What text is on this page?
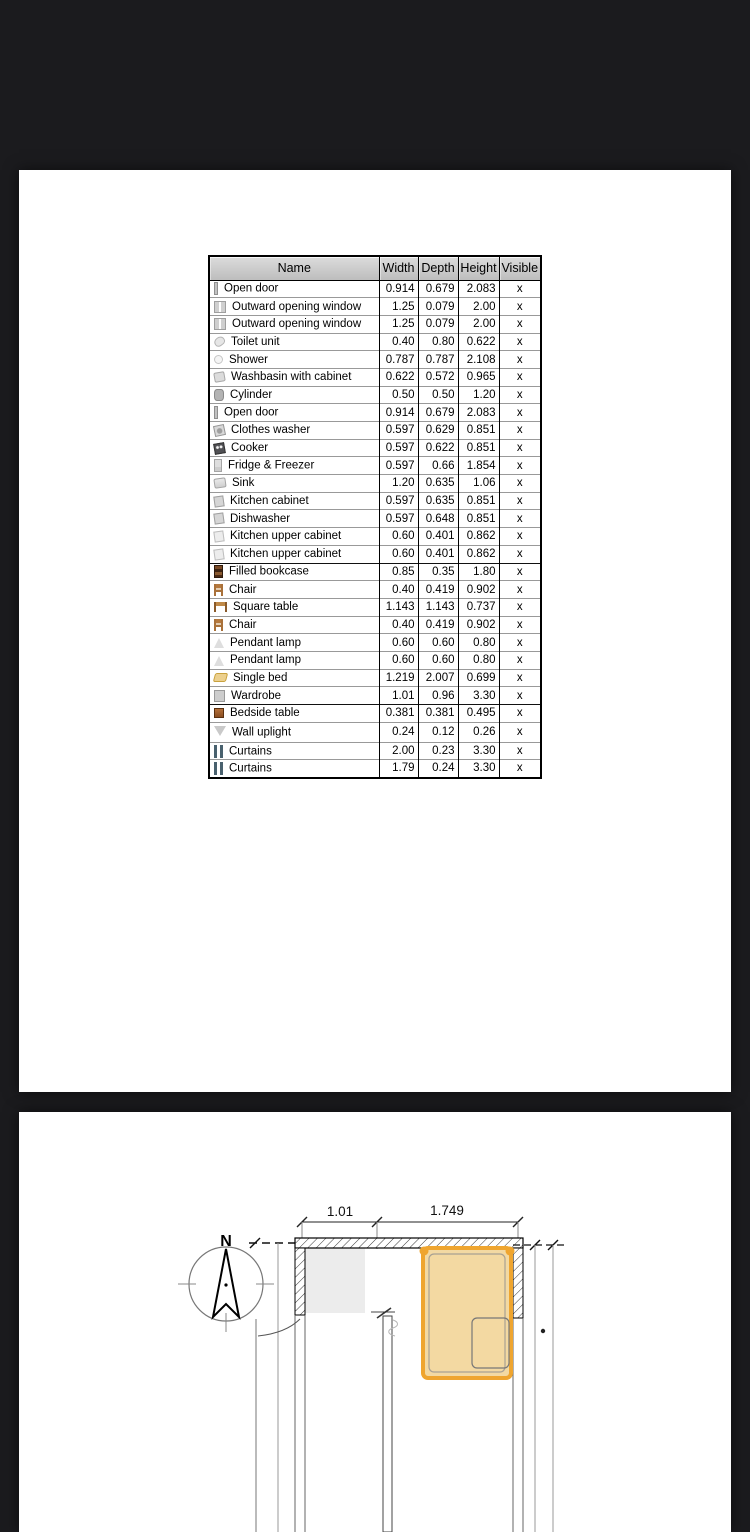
Name	Width	Depth	Height	Visible
Open door	0.914	0.679	2.083	x
Outward opening window	1.25	0.079	2.00	x
Outward opening window	1.25	0.079	2.00	x
Toilet unit	0.40	0.80	0.622	x
Shower	0.787	0.787	2.108	x
Washbasin with cabinet	0.622	0.572	0.965	x
Cylinder	0.50	0.50	1.20	x
Open door	0.914	0.679	2.083	x
Clothes washer	0.597	0.629	0.851	x
Cooker	0.597	0.622	0.851	x
Fridge & Freezer	0.597	0.66	1.854	x
Sink	1.20	0.635	1.06	x
Kitchen cabinet	0.597	0.635	0.851	x
Dishwasher	0.597	0.648	0.851	x
Kitchen upper cabinet	0.60	0.401	0.862	x
Kitchen upper cabinet	0.60	0.401	0.862	x
Filled bookcase	0.85	0.35	1.80	x
Chair	0.40	0.419	0.902	x
Square table	1.143	1.143	0.737	x
Chair	0.40	0.419	0.902	x
Pendant lamp	0.60	0.60	0.80	x
Pendant lamp	0.60	0.60	0.80	x
Single bed	1.219	2.007	0.699	x
Wardrobe	1.01	0.96	3.30	x
Bedside table	0.381	0.381	0.495	x
Wall uplight	0.24	0.12	0.26	x
Curtains	2.00	0.23	3.30	x
Curtains	1.79	0.24	3.30	x
1.01	1.749
N
